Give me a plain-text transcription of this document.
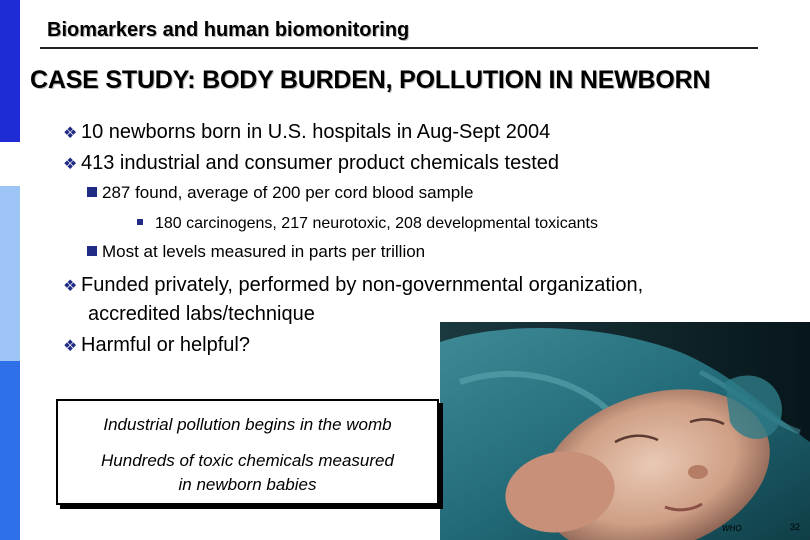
Biomarkers and human biomonitoring
CASE STUDY: BODY BURDEN, POLLUTION IN NEWBORN
❖ 10 newborns born in U.S. hospitals in Aug-Sept 2004
❖ 413 industrial and consumer product chemicals tested
287 found, average of 200 per cord blood sample
180 carcinogens, 217 neurotoxic, 208 developmental toxicants
Most at levels measured in parts per trillion
❖ Funded privately, performed by non-governmental organization,
accredited labs/technique
❖ Harmful or helpful?
Industrial pollution begins in the womb
Hundreds of toxic chemicals measured
in newborn babies
WHO	32
